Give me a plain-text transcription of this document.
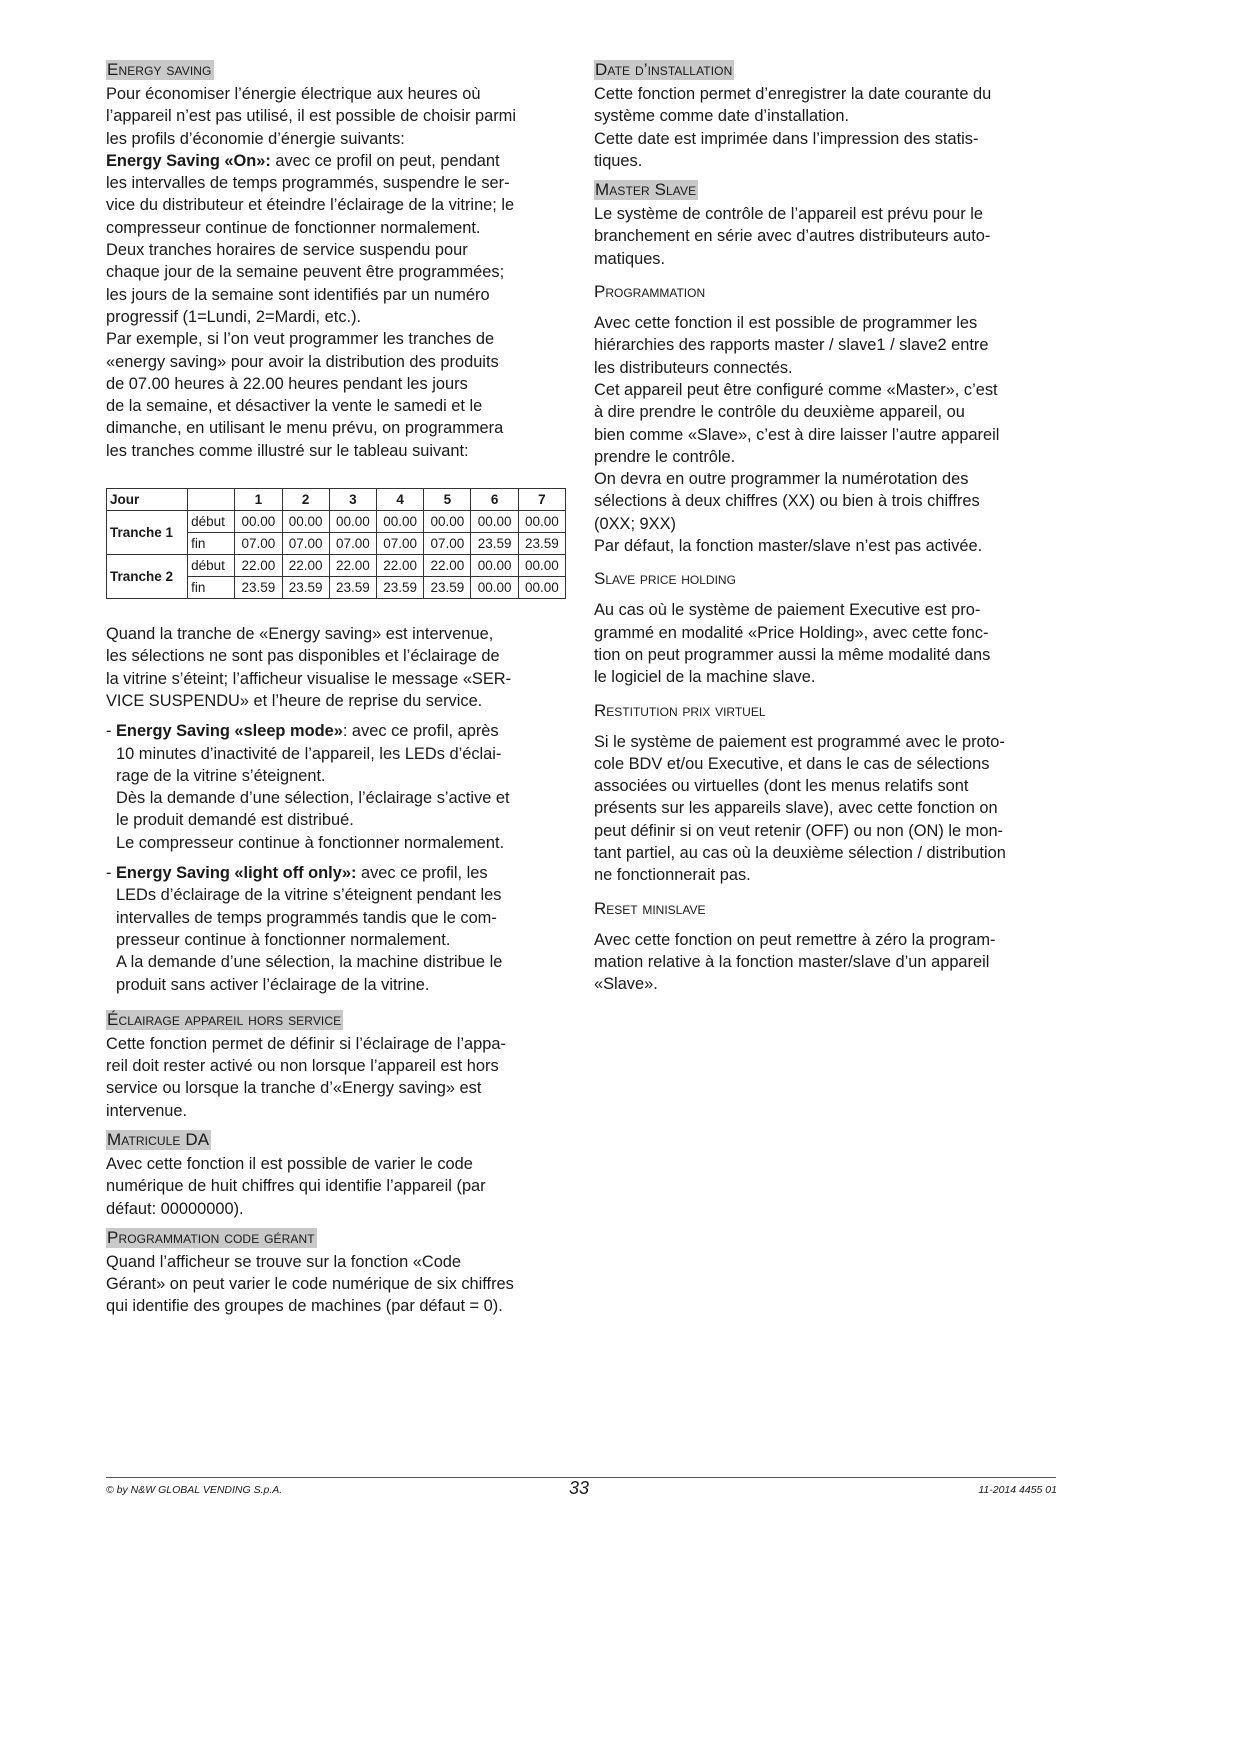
Energy saving

Pour économiser l’énergie électrique aux heures où

l’appareil n’est pas utilisé, il est possible de choisir parmi

les profils d’économie d’énergie suivants:

Energy Saving «On»: avec ce profil on peut, pendant

les intervalles de temps programmés, suspendre le ser-

vice du distributeur et éteindre l’éclairage de la vitrine; le

compresseur continue de fonctionner normalement.

Deux tranches horaires de service suspendu pour

chaque jour de la semaine peuvent être programmées;

les jours de la semaine sont identifiés par un numéro

progressif (1=Lundi, 2=Mardi, etc.).

Par exemple, si l’on veut programmer les tranches de

«energy saving» pour avoir la distribution des produits

de 07.00 heures à 22.00 heures pendant les jours

de la semaine, et désactiver la vente le samedi et le

dimanche, en utilisant le menu prévu, on programmera

les tranches comme illustré sur le tableau suivant:

Jour		1	2	3	4	5	6	7
Tranche 1	début	00.00	00.00	00.00	00.00	00.00	00.00	00.00
	fin	07.00	07.00	07.00	07.00	07.00	23.59	23.59
Tranche 2	début	22.00	22.00	22.00	22.00	22.00	00.00	00.00
	fin	23.59	23.59	23.59	23.59	23.59	00.00	00.00

Quand la tranche de «Energy saving» est intervenue,

les sélections ne sont pas disponibles et l’éclairage de

la vitrine s’éteint; l’afficheur visualise le message «SER-

VICE SUSPENDU» et l’heure de reprise du service.

- Energy Saving «sleep mode»: avec ce profil, après
10 minutes d’inactivité de l’appareil, les LEDs d’éclai-
rage de la vitrine s’éteignent.
Dès la demande d’une sélection, l’éclairage s’active et
le produit demandé est distribué.
Le compresseur continue à fonctionner normalement.
- Energy Saving «light off only»: avec ce profil, les
LEDs d’éclairage de la vitrine s’éteignent pendant les
intervalles de temps programmés tandis que le com-
presseur continue à fonctionner normalement.
A la demande d’une sélection, la machine distribue le
produit sans activer l’éclairage de la vitrine.
Éclairage appareil hors service

Cette fonction permet de définir si l’éclairage de l’appa-

reil doit rester activé ou non lorsque l’appareil est hors

service ou lorsque la tranche d’«Energy saving» est

intervenue.

Matricule DA

Avec cette fonction il est possible de varier le code

numérique de huit chiffres qui identifie l’appareil (par

défaut: 00000000).

Programmation code gérant

Quand l’afficheur se trouve sur la fonction «Code

Gérant» on peut varier le code numérique de six chiffres

qui identifie des groupes de machines (par défaut = 0).

Date d’installation

Cette fonction permet d’enregistrer la date courante du

système comme date d’installation.

Cette date est imprimée dans l’impression des statis-

tiques.

Master Slave

Le système de contrôle de l’appareil est prévu pour le

branchement en série avec d’autres distributeurs auto-

matiques.

Programmation

Avec cette fonction il est possible de programmer les

hiérarchies des rapports master / slave1 / slave2 entre

les distributeurs connectés.

Cet appareil peut être configuré comme «Master», c’est

à dire prendre le contrôle du deuxième appareil, ou

bien comme «Slave», c’est à dire laisser l’autre appareil

prendre le contrôle.

On devra en outre programmer la numérotation des

sélections à deux chiffres (XX) ou bien à trois chiffres

(0XX; 9XX)

Par défaut, la fonction master/slave n’est pas activée.

Slave price holding

Au cas où le système de paiement Executive est pro-

grammé en modalité «Price Holding», avec cette fonc-

tion on peut programmer aussi la même modalité dans

le logiciel de la machine slave.

Restitution prix virtuel

Si le système de paiement est programmé avec le proto-

cole BDV et/ou Executive, et dans le cas de sélections

associées ou virtuelles (dont les menus relatifs sont

présents sur les appareils slave), avec cette fonction on

peut définir si on veut retenir (OFF) ou non (ON) le mon-

tant partiel, au cas où la deuxième sélection / distribution

ne fonctionnerait pas.

Reset minislave

Avec cette fonction on peut remettre à zéro la program-

mation relative à la fonction master/slave d’un appareil

«Slave».

© by N&W GLOBAL VENDING S.p.A.	33	11-2014 4455 01
